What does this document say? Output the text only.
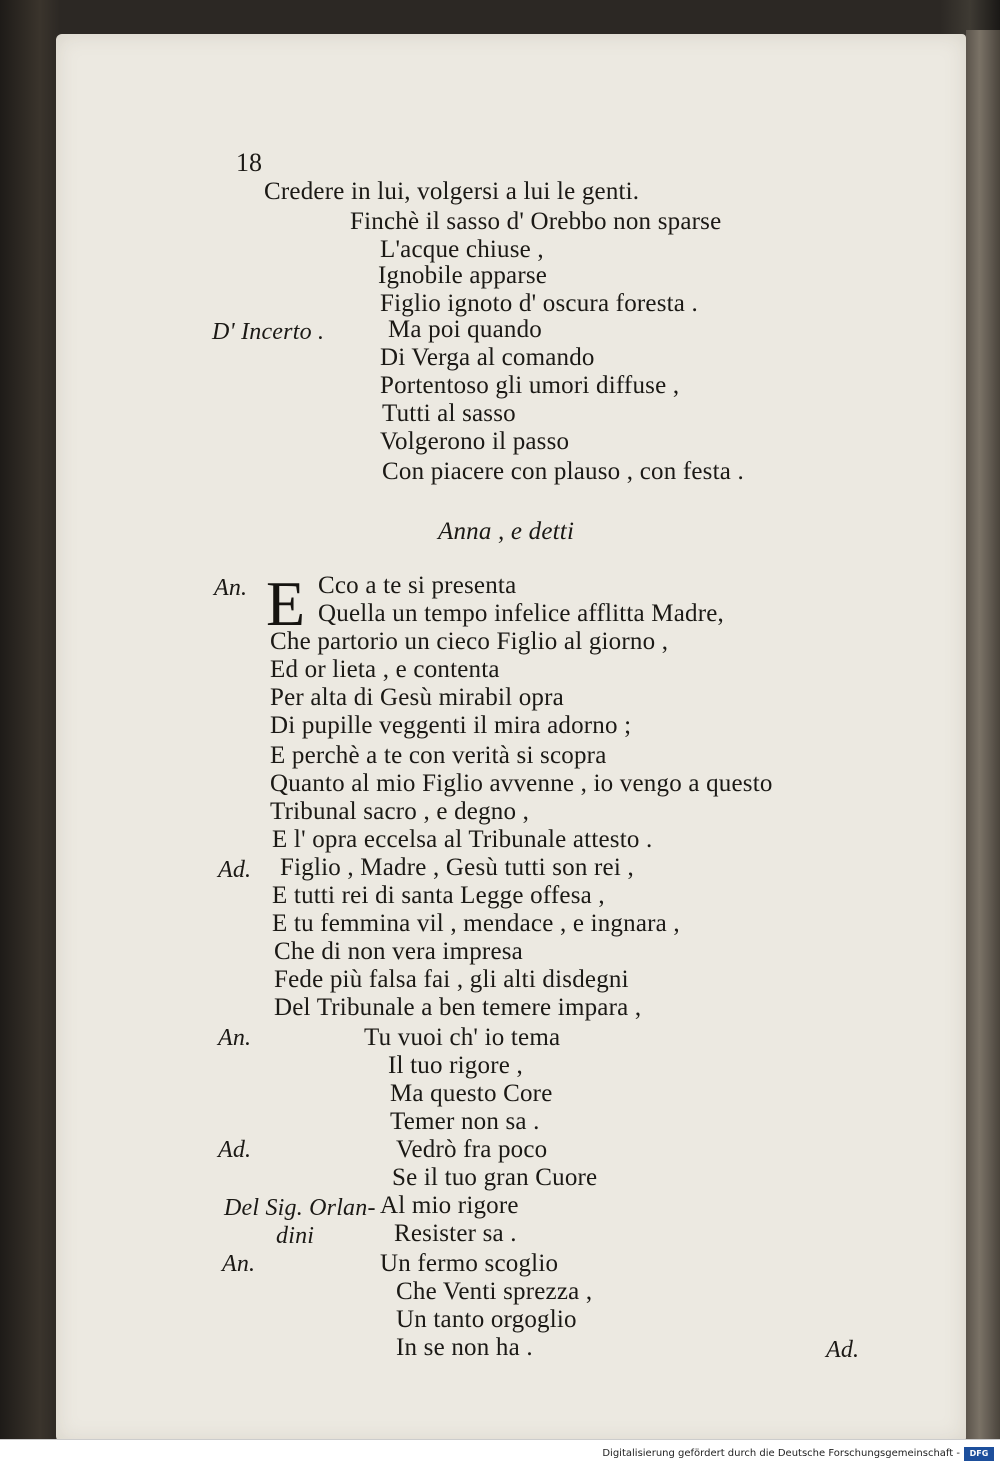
18
Credere in lui, volgersi a lui le genti.
Finchè il sasso d' Orebbo non sparse
L'acque chiuse ,
Ignobile apparse
Figlio ignoto d' oscura foresta .
D' Incerto .	Ma poi quando
Di Verga al comando
Portentoso gli umori diffuse ,
Tutti al sasso
Volgerono il passo
Con piacere con plauso , con festa .
Anna , e detti
An. E Cco a te si presenta
Quella un tempo infelice afflitta Madre,
Che partorio un cieco Figlio al giorno ,
Ed or lieta , e contenta
Per alta di Gesù mirabil opra
Di pupille veggenti il mira adorno ;
E perchè a te con verità si scopra
Quanto al mio Figlio avvenne , io vengo a questo
Tribunal sacro , e degno ,
E l' opra eccelsa al Tribunale attesto .
Ad. Figlio , Madre , Gesù tutti son rei ,
E tutti rei di santa Legge offesa ,
E tu femmina vil , mendace , e ingnara ,
Che di non vera impresa
Fede più falsa fai , gli alti disdegni
Del Tribunale a ben temere impara ,
An.	Tu vuoi ch' io tema
Il tuo rigore ,
Ma questo Core
Temer non sa .
Ad.	Vedrò fra poco
Se il tuo gran Cuore
Del Sig. Orlan- Al mio rigore
dini	Resister sa .
An.	Un fermo scoglio
Che Venti sprezza ,
Un tanto orgoglio
In se non ha .	Ad.
Digitalisierung gefördert durch die Deutsche Forschungsgemeinschaft -	DFG
